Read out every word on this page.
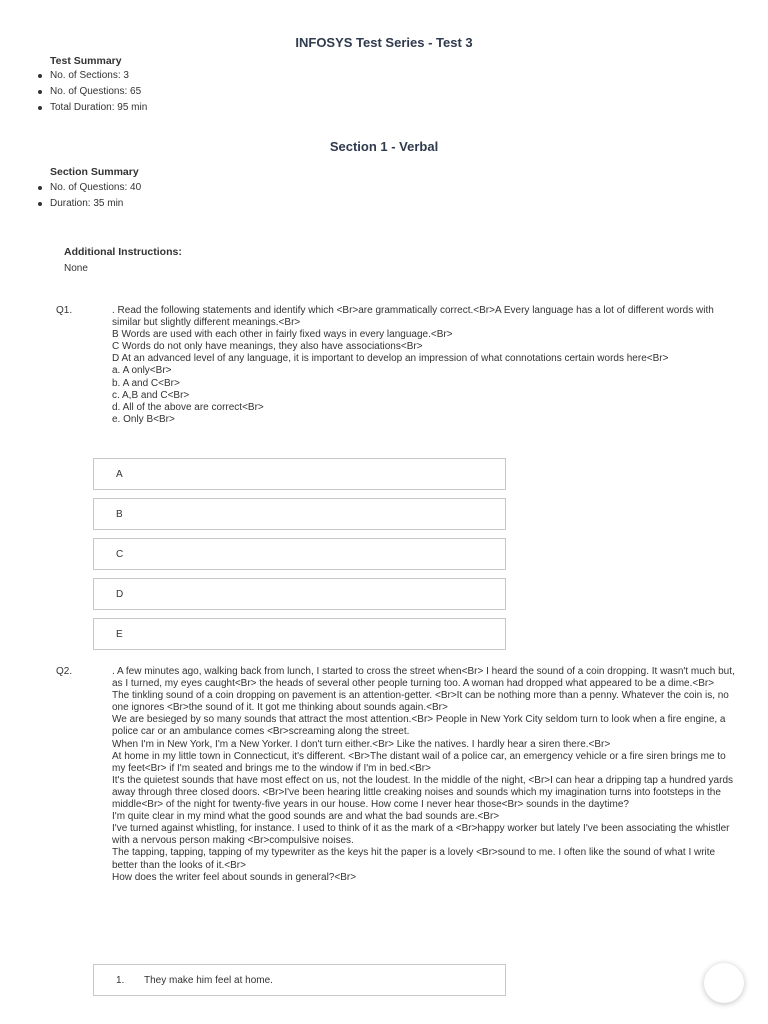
INFOSYS Test Series - Test 3
Test Summary
No. of Sections: 3
No. of Questions: 65
Total Duration: 95 min
Section 1 - Verbal
Section Summary
No. of Questions: 40
Duration: 35 min
Additional Instructions:
None
Q1.	. Read the following statements and identify which <Br>are grammatically correct.<Br>A Every language has a lot of different words with similar but slightly different meanings.<Br>
B Words are used with each other in fairly fixed ways in every language.<Br>
C Words do not only have meanings, they also have associations<Br>
D At an advanced level of any language, it is important to develop an impression of what connotations certain words here<Br>
a. A only<Br>
b. A and C<Br>
c. A,B and C<Br>
d. All of the above are correct<Br>
e. Only B<Br>
A
B
C
D
E
Q2.	. A few minutes ago, walking back from lunch, I started to cross the street when<Br> I heard the sound of a coin dropping. It wasn't much but, as I turned, my eyes caught<Br> the heads of several other people turning too. A woman had dropped what appeared to be a dime.<Br>
The tinkling sound of a coin dropping on pavement is an attention-getter. <Br>It can be nothing more than a penny. Whatever the coin is, no one ignores <Br>the sound of it. It got me thinking about sounds again.<Br>
We are besieged by so many sounds that attract the most attention.<Br> People in New York City seldom turn to look when a fire engine, a police car or an ambulance comes <Br>screaming along the street.
When I'm in New York, I'm a New Yorker. I don't turn either.<Br> Like the natives. I hardly hear a siren there.<Br>
At home in my little town in Connecticut, it's different. <Br>The distant wail of a police car, an emergency vehicle or a fire siren brings me to my feet<Br> if I'm seated and brings me to the window if I'm in bed.<Br>
It's the quietest sounds that have most effect on us, not the loudest. In the middle of the night, <Br>I can hear a dripping tap a hundred yards away through three closed doors. <Br>I've been hearing little creaking noises and sounds which my imagination turns into footsteps in the middle<Br> of the night for twenty-five years in our house. How come I never hear those<Br> sounds in the daytime?
I'm quite clear in my mind what the good sounds are and what the bad sounds are.<Br>
I've turned against whistling, for instance. I used to think of it as the mark of a <Br>happy worker but lately I've been associating the whistler with a nervous person making <Br>compulsive noises.
The tapping, tapping, tapping of my typewriter as the keys hit the paper is a lovely <Br>sound to me. I often like the sound of what I write better than the looks of it.<Br>
How does the writer feel about sounds in general?<Br>
1. They make him feel at home.
